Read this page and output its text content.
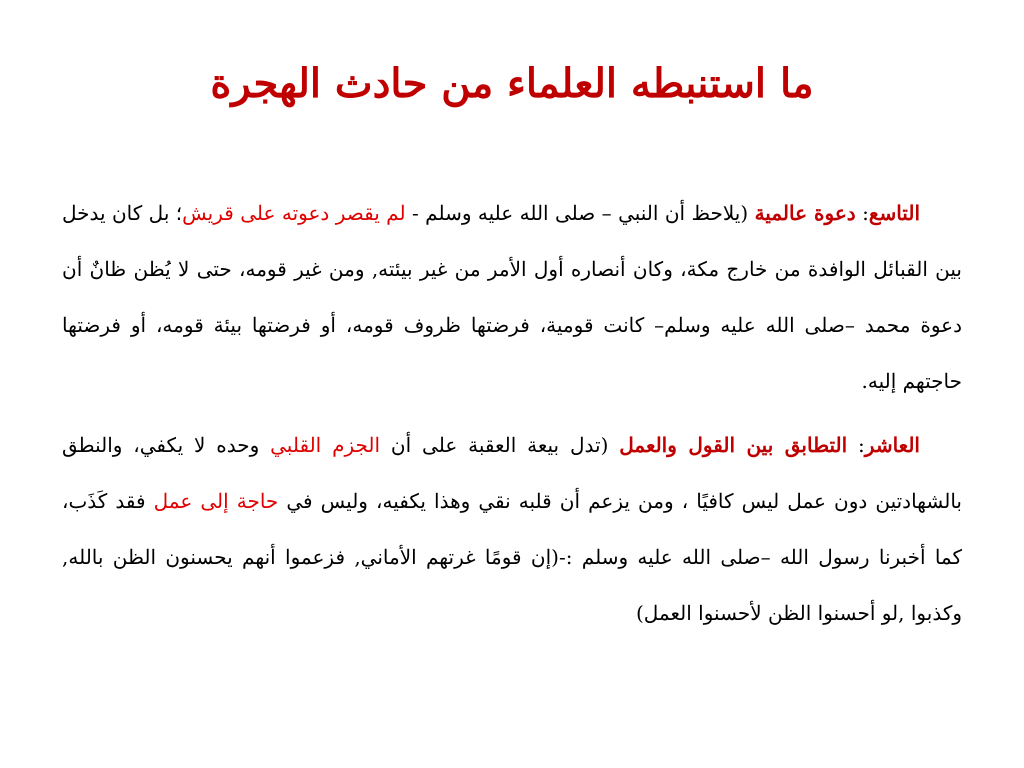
ما استنبطه العلماء من حادث الهجرة

التاسع: دعوة عالمية (يلاحظ أن النبي – صلى الله عليه وسلم - لم يقصر دعوته على قريش؛ بل كان يدخل بين القبائل الوافدة من خارج مكة، وكان أنصاره أول الأمر من غير بيئته, ومن غير قومه، حتى لا يُظن ظانٌ أن دعوة محمد –صلى الله عليه وسلم– كانت قومية، فرضتها ظروف قومه، أو فرضتها بيئة قومه، أو فرضتها حاجتهم إليه.

العاشر: التطابق بين القول والعمل (تدل بيعة العقبة على أن الجزم القلبي وحده لا يكفي، والنطق بالشهادتين دون عمل ليس كافيًا ، ومن يزعم أن قلبه نقي وهذا يكفيه، وليس في حاجة إلى عمل فقد كَذَب، كما أخبرنا رسول الله –صلى الله عليه وسلم :-(إن قومًا غرتهم الأماني, فزعموا أنهم يحسنون الظن بالله, وكذبوا ,لو أحسنوا الظن لأحسنوا العمل)
